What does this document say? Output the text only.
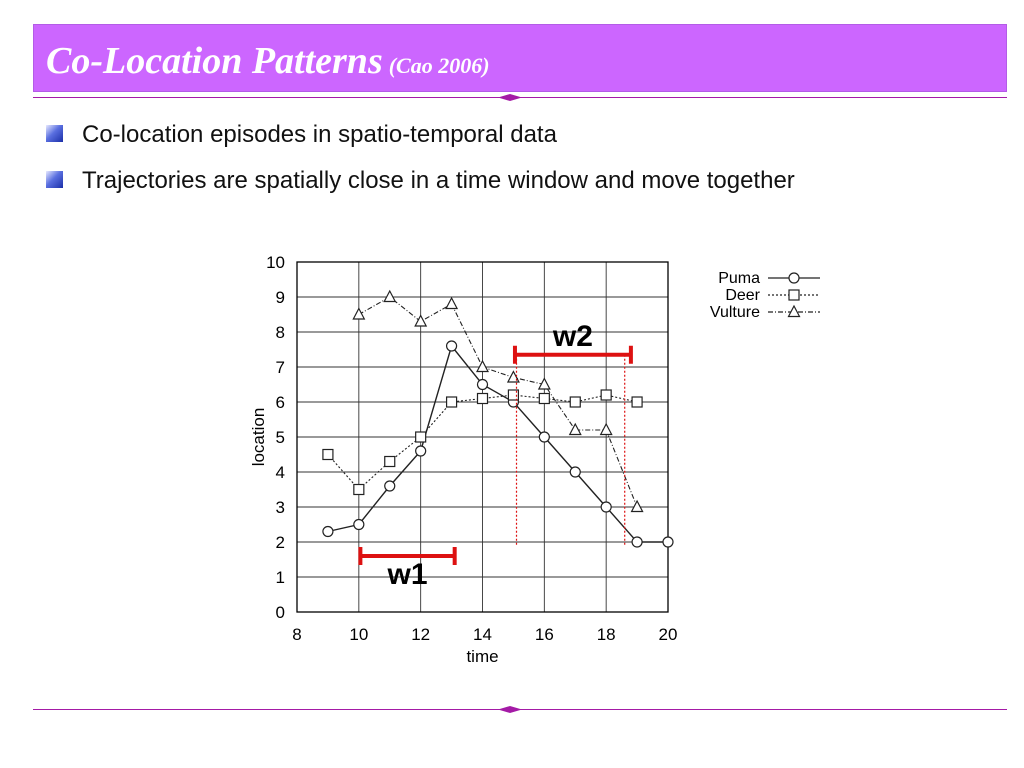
Co-Location Patterns (Cao 2006)
Co-location episodes in spatio-temporal data
Trajectories are spatially close in a time window and move together
8	10	12	14	16	18	20
0
1
2
3
4
5
6
7
8
9
10
time
location
w1
w2
Puma
Deer
Vulture
